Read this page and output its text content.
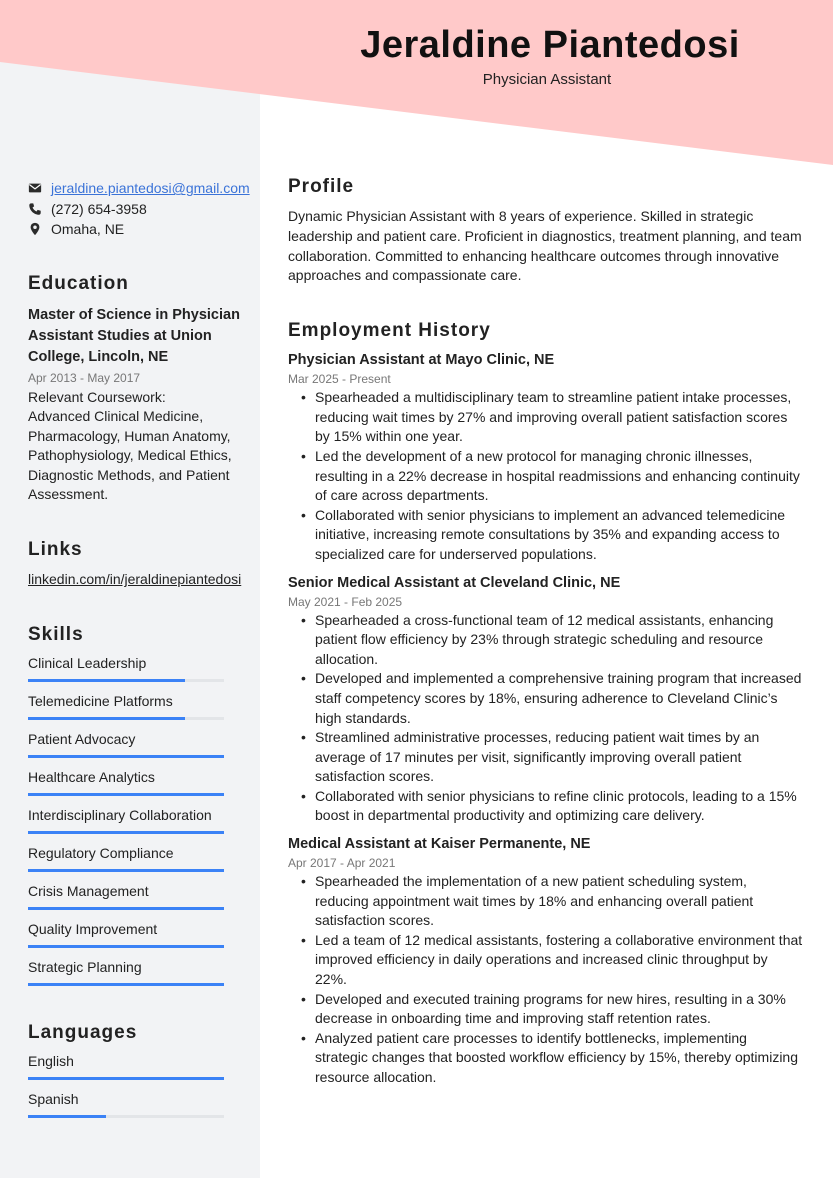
Jeraldine Piantedosi
Physician Assistant
jeraldine.piantedosi@gmail.com
(272) 654-3958
Omaha, NE
Education
Master of Science in Physician Assistant Studies at Union College, Lincoln, NE
Apr 2013 - May 2017
Relevant Coursework:
Advanced Clinical Medicine, Pharmacology, Human Anatomy, Pathophysiology, Medical Ethics, Diagnostic Methods, and Patient Assessment.
Links
linkedin.com/in/jeraldinepiantedosi
Skills
Clinical Leadership
Telemedicine Platforms
Patient Advocacy
Healthcare Analytics
Interdisciplinary Collaboration
Regulatory Compliance
Crisis Management
Quality Improvement
Strategic Planning
Languages
English
Spanish
Profile
Dynamic Physician Assistant with 8 years of experience. Skilled in strategic leadership and patient care. Proficient in diagnostics, treatment planning, and team collaboration. Committed to enhancing healthcare outcomes through innovative approaches and compassionate care.
Employment History
Physician Assistant at Mayo Clinic, NE
Mar 2025 - Present
• Spearheaded a multidisciplinary team to streamline patient intake processes, reducing wait times by 27% and improving overall patient satisfaction scores by 15% within one year.
• Led the development of a new protocol for managing chronic illnesses, resulting in a 22% decrease in hospital readmissions and enhancing continuity of care across departments.
• Collaborated with senior physicians to implement an advanced telemedicine initiative, increasing remote consultations by 35% and expanding access to specialized care for underserved populations.
Senior Medical Assistant at Cleveland Clinic, NE
May 2021 - Feb 2025
• Spearheaded a cross-functional team of 12 medical assistants, enhancing patient flow efficiency by 23% through strategic scheduling and resource allocation.
• Developed and implemented a comprehensive training program that increased staff competency scores by 18%, ensuring adherence to Cleveland Clinic’s high standards.
• Streamlined administrative processes, reducing patient wait times by an average of 17 minutes per visit, significantly improving overall patient satisfaction scores.
• Collaborated with senior physicians to refine clinic protocols, leading to a 15% boost in departmental productivity and optimizing care delivery.
Medical Assistant at Kaiser Permanente, NE
Apr 2017 - Apr 2021
• Spearheaded the implementation of a new patient scheduling system, reducing appointment wait times by 18% and enhancing overall patient satisfaction scores.
• Led a team of 12 medical assistants, fostering a collaborative environment that improved efficiency in daily operations and increased clinic throughput by 22%.
• Developed and executed training programs for new hires, resulting in a 30% decrease in onboarding time and improving staff retention rates.
• Analyzed patient care processes to identify bottlenecks, implementing strategic changes that boosted workflow efficiency by 15%, thereby optimizing resource allocation.
